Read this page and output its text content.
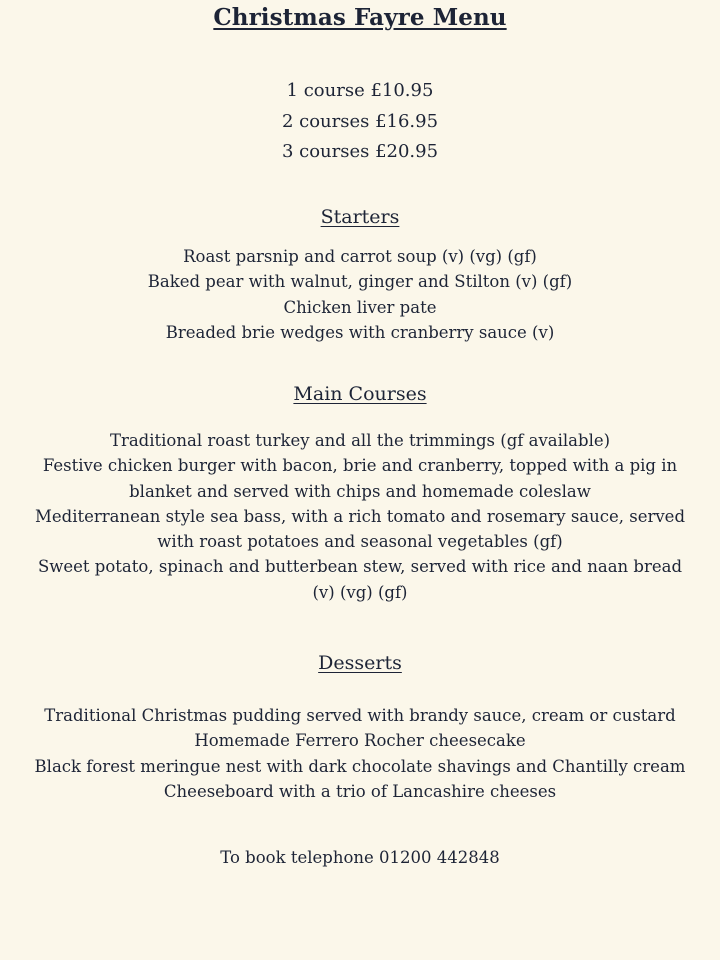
Christmas Fayre Menu
1 course £10.95
2 courses £16.95
3 courses £20.95
Starters
Roast parsnip and carrot soup (v) (vg) (gf)
Baked pear with walnut, ginger and Stilton (v) (gf)
Chicken liver pate
Breaded brie wedges with cranberry sauce (v)
Main Courses
Traditional roast turkey and all the trimmings (gf available)
Festive chicken burger with bacon, brie and cranberry, topped with a pig in
blanket and served with chips and homemade coleslaw
Mediterranean style sea bass, with a rich tomato and rosemary sauce, served
with roast potatoes and seasonal vegetables (gf)
Sweet potato, spinach and butterbean stew, served with rice and naan bread
(v) (vg) (gf)
Desserts
Traditional Christmas pudding served with brandy sauce, cream or custard
Homemade Ferrero Rocher cheesecake
Black forest meringue nest with dark chocolate shavings and Chantilly cream
Cheeseboard with a trio of Lancashire cheeses
To book telephone 01200 442848
